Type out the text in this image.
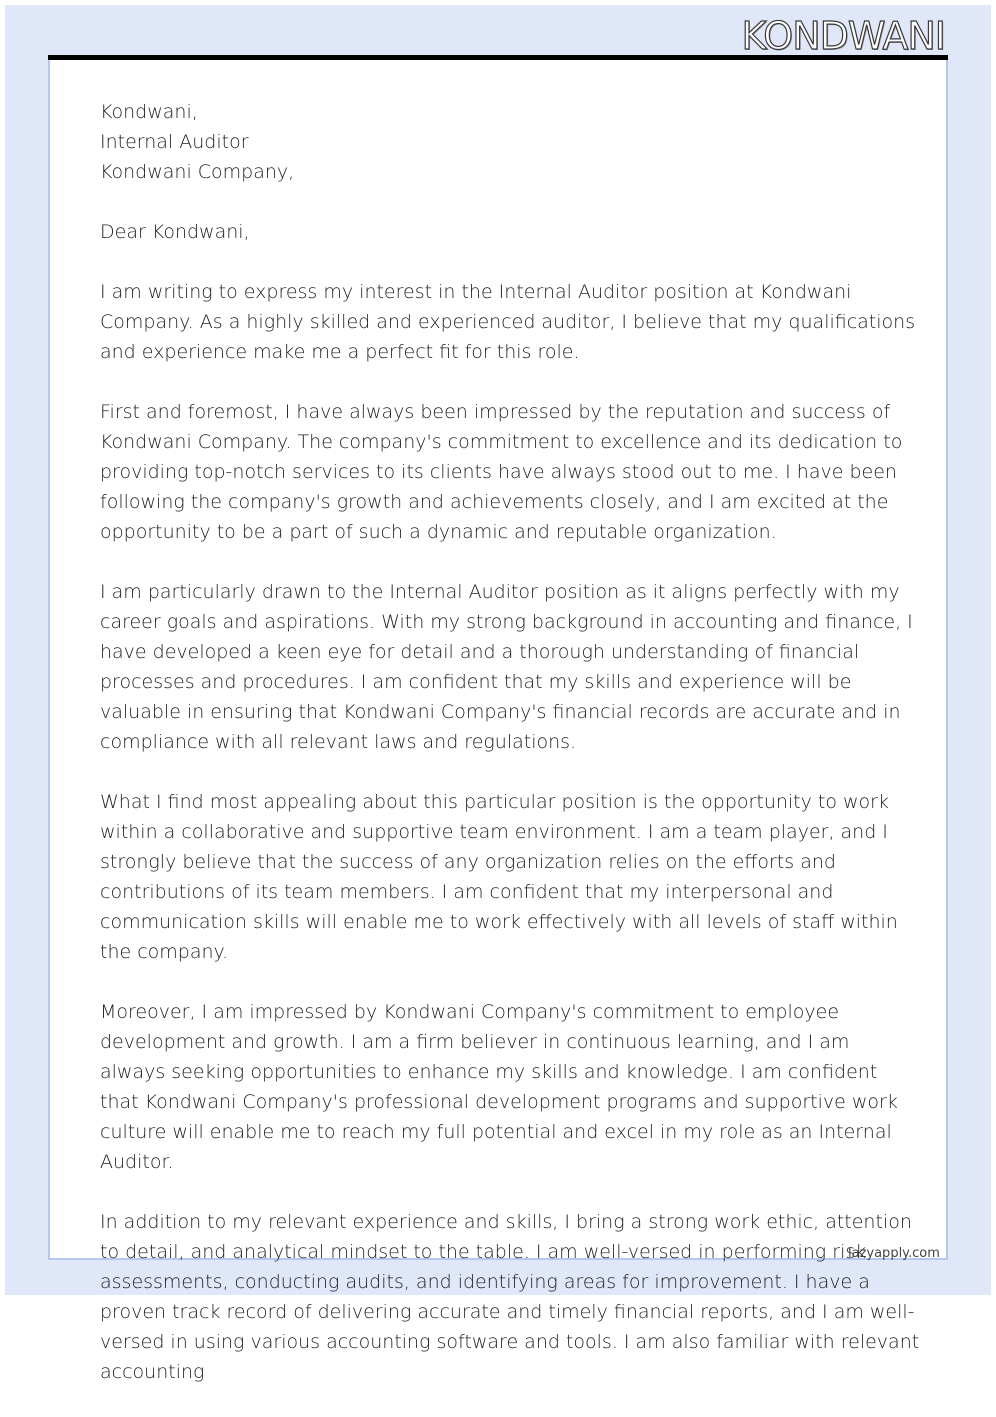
KONDWANI
Kondwani,
Internal Auditor
Kondwani Company,

Dear Kondwani,

I am writing to express my interest in the Internal Auditor position at Kondwani Company. As a highly skilled and experienced auditor, I believe that my qualifications and experience make me a perfect fit for this role.

First and foremost, I have always been impressed by the reputation and success of Kondwani Company. The company's commitment to excellence and its dedication to providing top-notch services to its clients have always stood out to me. I have been following the company's growth and achievements closely, and I am excited at the opportunity to be a part of such a dynamic and reputable organization.

I am particularly drawn to the Internal Auditor position as it aligns perfectly with my career goals and aspirations. With my strong background in accounting and finance, I have developed a keen eye for detail and a thorough understanding of financial processes and procedures. I am confident that my skills and experience will be valuable in ensuring that Kondwani Company's financial records are accurate and in compliance with all relevant laws and regulations.

What I find most appealing about this particular position is the opportunity to work within a collaborative and supportive team environment. I am a team player, and I strongly believe that the success of any organization relies on the efforts and contributions of its team members. I am confident that my interpersonal and communication skills will enable me to work effectively with all levels of staff within the company.

Moreover, I am impressed by Kondwani Company's commitment to employee development and growth. I am a firm believer in continuous learning, and I am always seeking opportunities to enhance my skills and knowledge. I am confident that Kondwani Company's professional development programs and supportive work culture will enable me to reach my full potential and excel in my role as an Internal Auditor.

In addition to my relevant experience and skills, I bring a strong work ethic, attention to detail, and analytical mindset to the table. I am well-versed in performing risk assessments, conducting audits, and identifying areas for improvement. I have a proven track record of delivering accurate and timely financial reports, and I am well-versed in using various accounting software and tools. I am also familiar with relevant accounting

lazyapply.com
